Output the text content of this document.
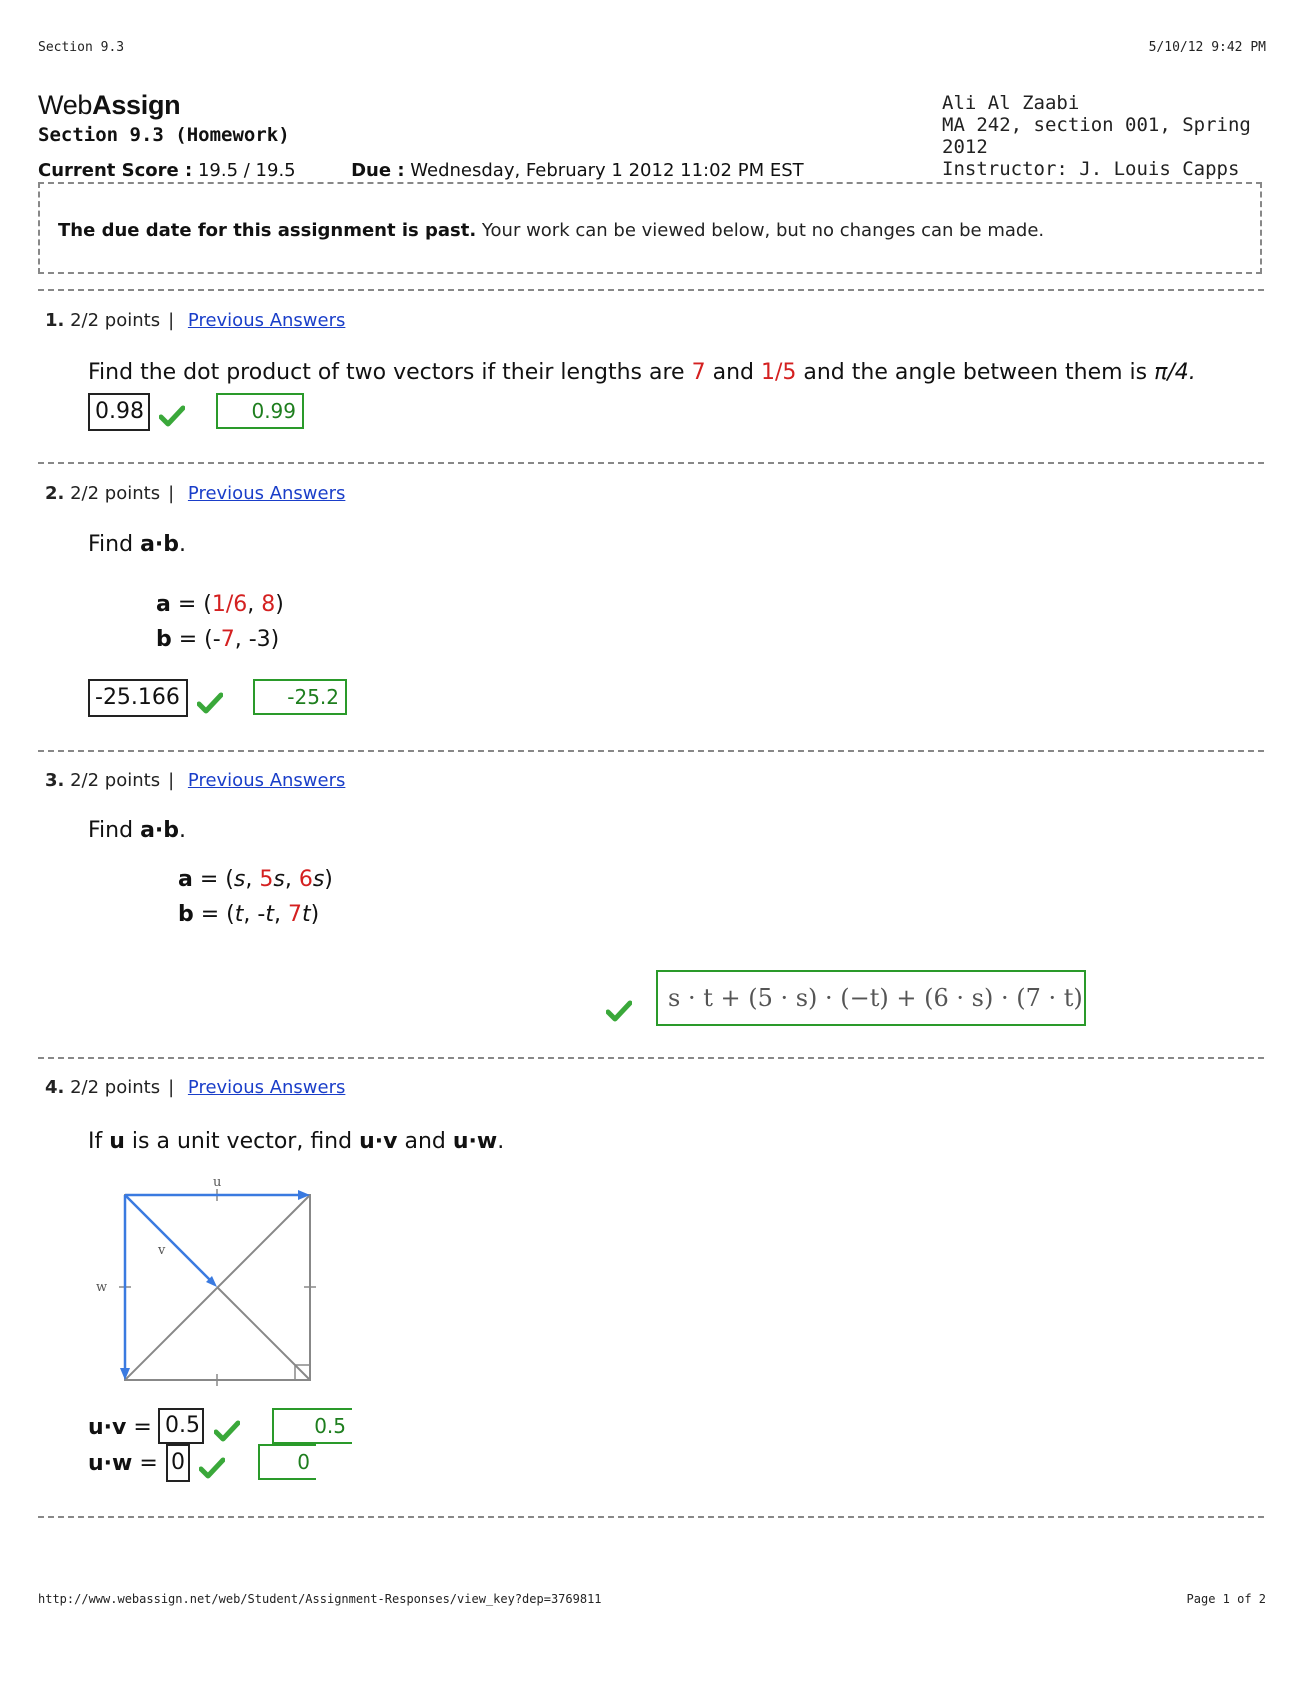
Section 9.3	5/10/12 9:42 PM
WebAssign
Section 9.3 (Homework)
Ali Al Zaabi
MA 242, section 001, Spring 2012
Instructor: J. Louis Capps
Current Score : 19.5 / 19.5	Due : Wednesday, February 1 2012 11:02 PM EST
The due date for this assignment is past. Your work can be viewed below, but no changes can be made.
1. 2/2 points | Previous Answers
Find the dot product of two vectors if their lengths are 7 and 1/5 and the angle between them is π/4.
0.98	0.99
2. 2/2 points | Previous Answers
Find a·b.
a = (1/6, 8)
b = (-7, -3)
-25.166	-25.2
3. 2/2 points | Previous Answers
Find a·b.
a = (s, 5s, 6s)
b = (t, -t, 7t)
s · t + (5 · s) · (−t) + (6 · s) · (7 · t)
4. 2/2 points | Previous Answers
If u is a unit vector, find u·v and u·w.
u
v
w
u·v = 0.5	0.5
u·w = 0	0
http://www.webassign.net/web/Student/Assignment-Responses/view_key?dep=3769811	Page 1 of 2
